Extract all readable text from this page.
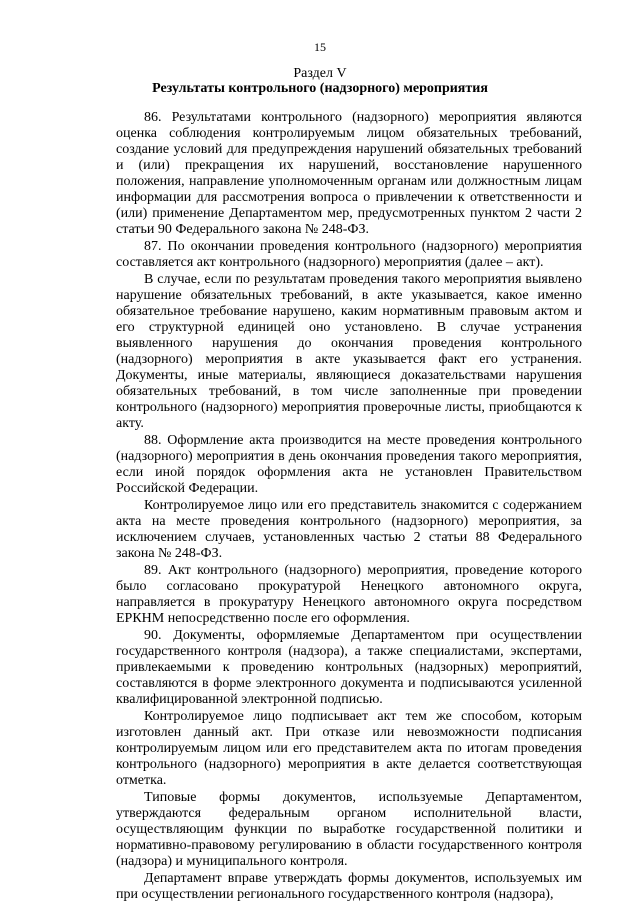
15
Раздел V
Результаты контрольного (надзорного) мероприятия

86. Результатами контрольного (надзорного) мероприятия являются оценка соблюдения контролируемым лицом обязательных требований, создание условий для предупреждения нарушений обязательных требований и (или) прекращения их нарушений, восстановление нарушенного положения, направление уполномоченным органам или должностным лицам информации для рассмотрения вопроса о привлечении к ответственности и (или) применение Департаментом мер, предусмотренных пунктом 2 части 2 статьи 90 Федерального закона № 248-ФЗ.

87. По окончании проведения контрольного (надзорного) мероприятия составляется акт контрольного (надзорного) мероприятия (далее – акт).

В случае, если по результатам проведения такого мероприятия выявлено нарушение обязательных требований, в акте указывается, какое именно обязательное требование нарушено, каким нормативным правовым актом и его структурной единицей оно установлено. В случае устранения выявленного нарушения до окончания проведения контрольного (надзорного) мероприятия в акте указывается факт его устранения. Документы, иные материалы, являющиеся доказательствами нарушения обязательных требований, в том числе заполненные при проведении контрольного (надзорного) мероприятия проверочные листы, приобщаются к акту.

88. Оформление акта производится на месте проведения контрольного (надзорного) мероприятия в день окончания проведения такого мероприятия, если иной порядок оформления акта не установлен Правительством Российской Федерации.

Контролируемое лицо или его представитель знакомится с содержанием акта на месте проведения контрольного (надзорного) мероприятия, за исключением случаев, установленных частью 2 статьи 88 Федерального закона № 248-ФЗ.

89. Акт контрольного (надзорного) мероприятия, проведение которого было согласовано прокуратурой Ненецкого автономного округа, направляется в прокуратуру Ненецкого автономного округа посредством ЕРКНМ непосредственно после его оформления.

90. Документы, оформляемые Департаментом при осуществлении государственного контроля (надзора), а также специалистами, экспертами, привлекаемыми к проведению контрольных (надзорных) мероприятий, составляются в форме электронного документа и подписываются усиленной квалифицированной электронной подписью.

Контролируемое лицо подписывает акт тем же способом, которым изготовлен данный акт. При отказе или невозможности подписания контролируемым лицом или его представителем акта по итогам проведения контрольного (надзорного) мероприятия в акте делается соответствующая отметка.

Типовые формы документов, используемые Департаментом, утверждаются федеральным органом исполнительной власти, осуществляющим функции по выработке государственной политики и нормативно-правовому регулированию в области государственного контроля (надзора) и муниципального контроля.

Департамент вправе утверждать формы документов, используемых им при осуществлении регионального государственного контроля (надзора),
